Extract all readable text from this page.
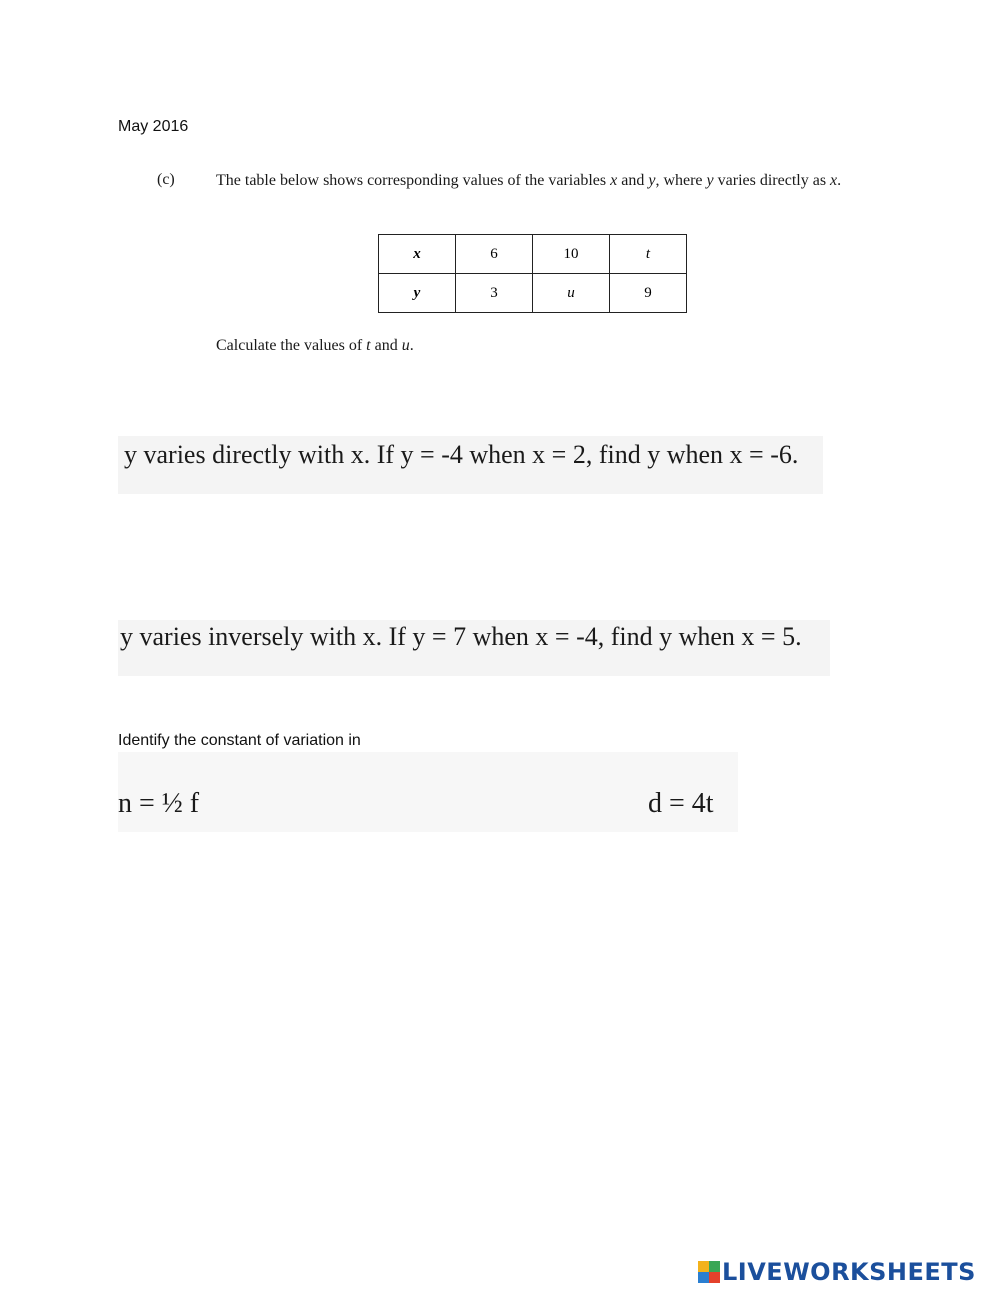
May 2016
(c)	The table below shows corresponding values of the variables x and y, where y varies directly as x.
x	6	10	t
y	3	u	9
Calculate the values of t and u.
y varies directly with x. If y = -4 when x = 2, find y when x = -6.
y varies inversely with x. If y = 7 when x = -4, find y when x = 5.
Identify the constant of variation in
n = ½ f	d = 4t
LIVEWORKSHEETS
